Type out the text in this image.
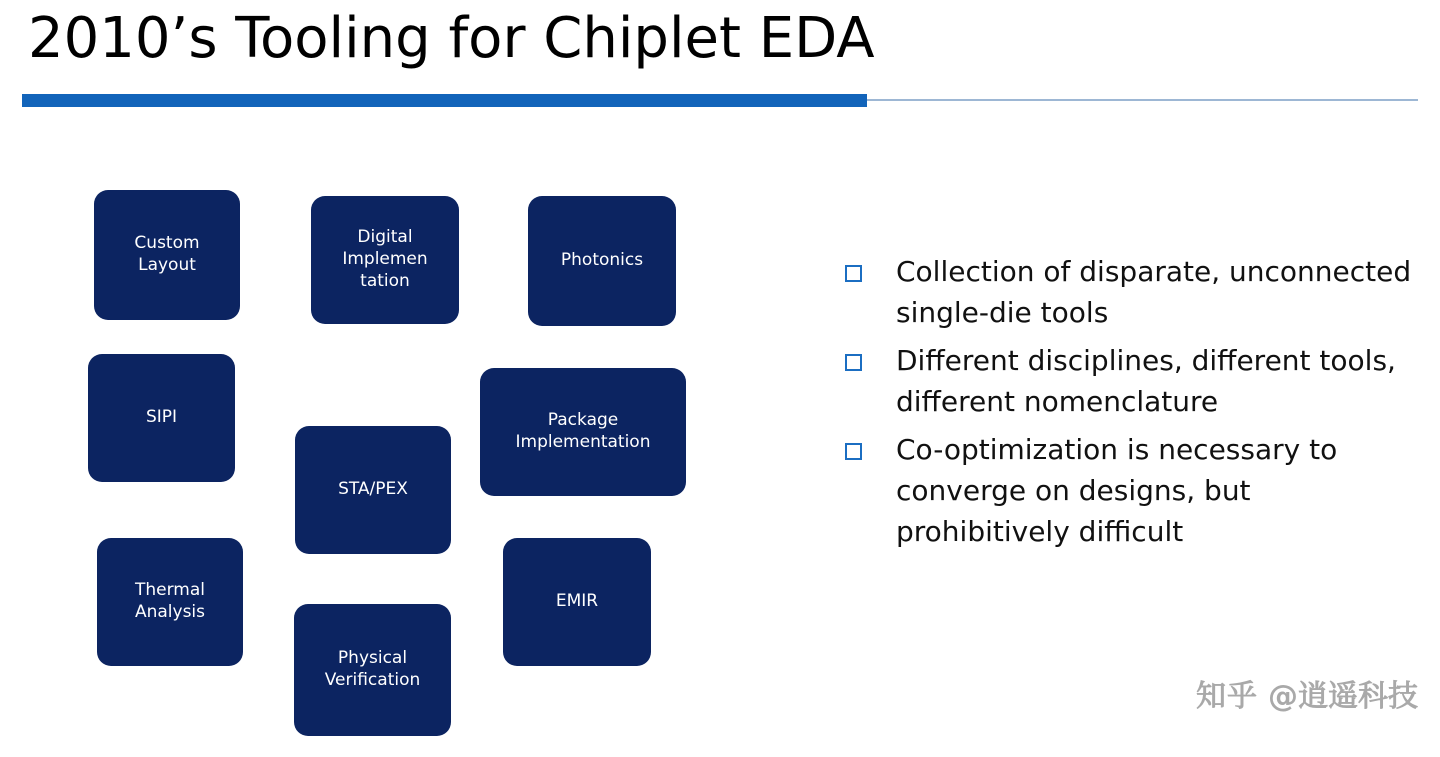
2010’s Tooling for Chiplet EDA
Collection of disparate, unconnected single-die tools
Different disciplines, different tools, different nomenclature
Co-optimization is necessary to converge on designs, but prohibitively difficult
知乎 @逍遥科技
Custom
Layout
Digital
Implemen
tation
Photonics
SIPI	Package
Implementation
STA/PEX
Thermal
Analysis
EMIR
Physical
Verification
